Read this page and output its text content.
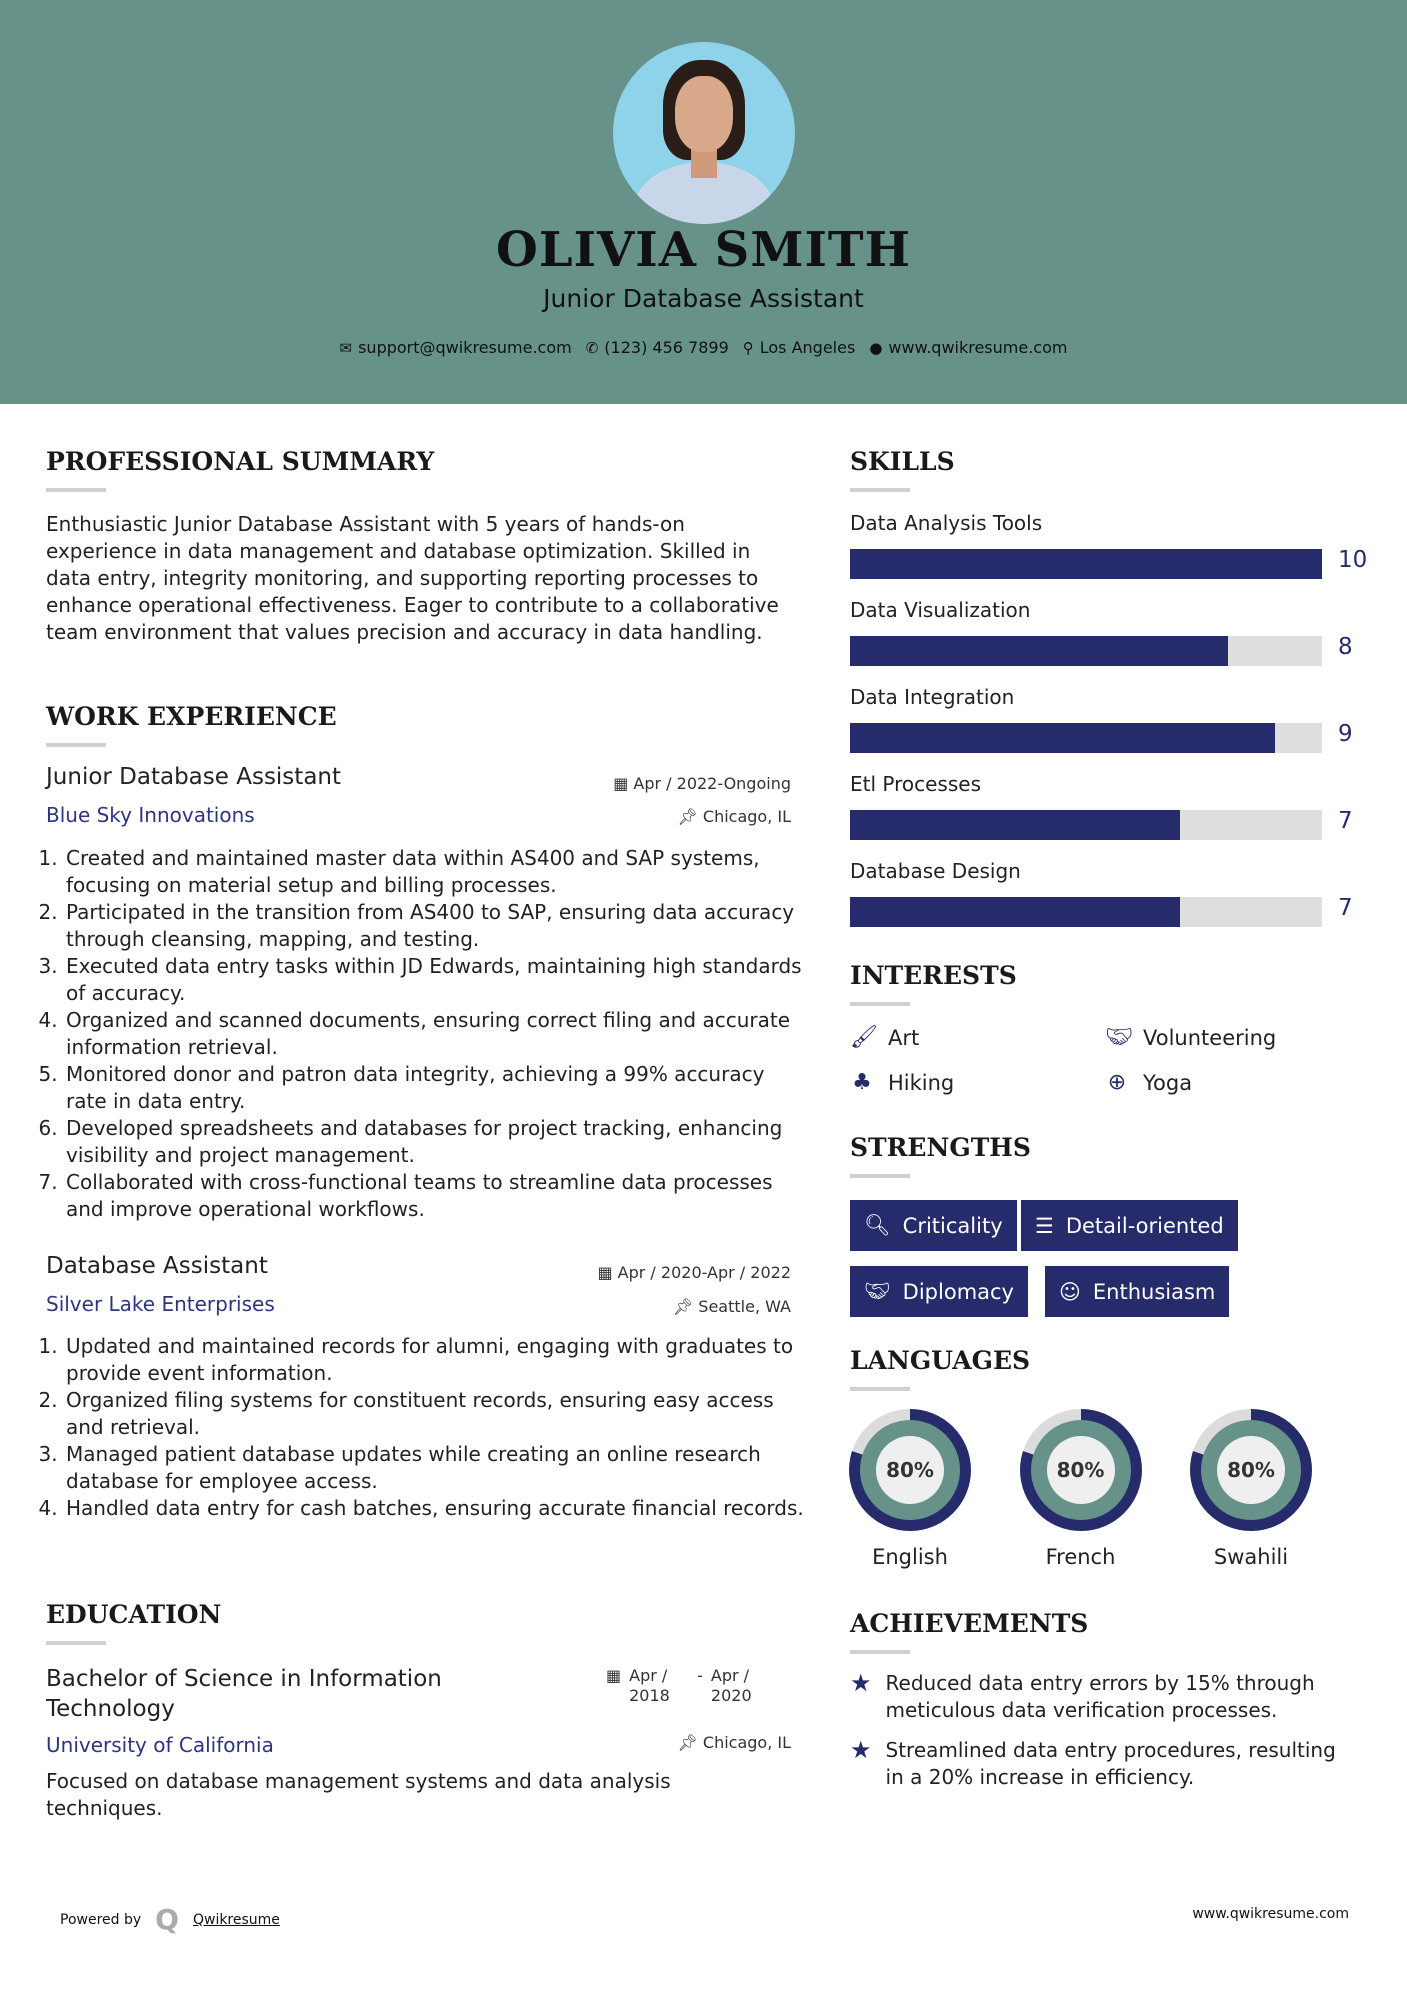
OLIVIA SMITH
Junior Database Assistant
✉ support@qwikresume.com ✆ (123) 456 7899 ⚲ Los Angeles ● www.qwikresume.com
PROFESSIONAL SUMMARY
Enthusiastic Junior Database Assistant with 5 years of hands-on experience in data management and database optimization. Skilled in data entry, integrity monitoring, and supporting reporting processes to enhance operational effectiveness. Eager to contribute to a collaborative team environment that values precision and accuracy in data handling.
WORK EXPERIENCE
Junior Database Assistant	▦ Apr / 2022-Ongoing
Blue Sky Innovations	📌︎ Chicago, IL
1. Created and maintained master data within AS400 and SAP systems, focusing on material setup and billing processes.
2. Participated in the transition from AS400 to SAP, ensuring data accuracy through cleansing, mapping, and testing.
3. Executed data entry tasks within JD Edwards, maintaining high standards of accuracy.
4. Organized and scanned documents, ensuring correct filing and accurate information retrieval.
5. Monitored donor and patron data integrity, achieving a 99% accuracy rate in data entry.
6. Developed spreadsheets and databases for project tracking, enhancing visibility and project management.
7. Collaborated with cross-functional teams to streamline data processes and improve operational workflows.
Database Assistant	▦ Apr / 2020-Apr / 2022
Silver Lake Enterprises	📌︎ Seattle, WA
1. Updated and maintained records for alumni, engaging with graduates to provide event information.
2. Organized filing systems for constituent records, ensuring easy access and retrieval.
3. Managed patient database updates while creating an online research database for employee access.
4. Handled data entry for cash batches, ensuring accurate financial records.
EDUCATION
Bachelor of Science in Information Technology
▦ Apr / 2018
- Apr / 2020
University of California	📌︎ Chicago, IL
Focused on database management systems and data analysis techniques.
SKILLS
Data Analysis Tools
10
Data Visualization
8
Data Integration
9
Etl Processes
7
Database Design
7
INTERESTS
🖌︎ Art	🤝︎ Volunteering
♣ Hiking	⊕ Yoga
STRENGTHS
🔍︎ Criticality ☰ Detail-oriented
🤝︎ Diplomacy ☺ Enthusiasm
LANGUAGES
80%
English
80%
French
80%
Swahili
ACHIEVEMENTS
★ Reduced data entry errors by 15% through meticulous data verification processes.
★ Streamlined data entry procedures, resulting in a 20% increase in efficiency.
Powered by Q Qwikresume	www.qwikresume.com
